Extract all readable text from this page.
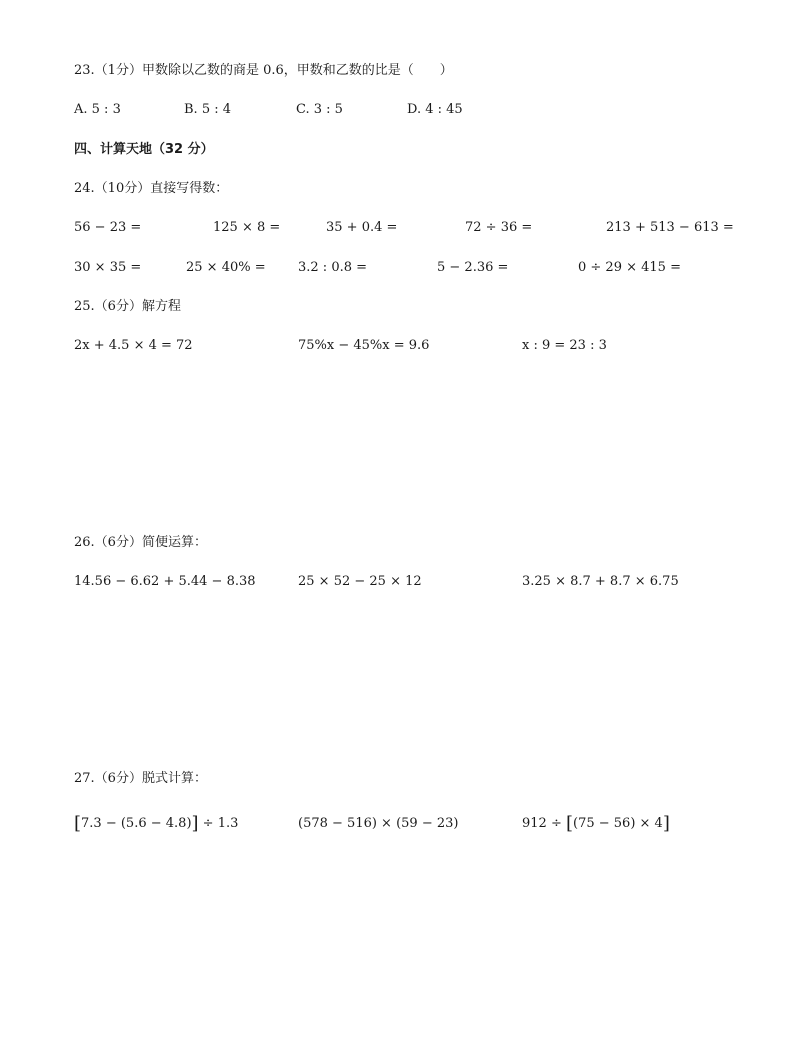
23.（1分）甲数除以乙数的商是 0.6，甲数和乙数的比是（　　）
A. 5 : 3	B. 5 : 4	C. 3 : 5	D. 4 : 45
四、计算天地（32 分）
24.（10分）直接写得数：
56 − 23 =	125 × 8 =	35 + 0.4 =	72 ÷ 36 =	213 + 513 − 613 =
30 × 35 =	25 × 40% = 3.2 : 0.8 =	5 − 2.36 =	0 ÷ 29 × 415 =
25.（6分）解方程
2x + 4.5 × 4 = 72	75%x − 45%x = 9.6	x : 9 = 23 : 3
26.（6分）简便运算：
14.56 − 6.62 + 5.44 − 8.38	25 × 52 − 25 × 12	3.25 × 8.7 + 8.7 × 6.75
27.（6分）脱式计算：
[7.3 − (5.6 − 4.8)] ÷ 1.3	(578 − 516) × (59 − 23)	912 ÷ [(75 − 56) × 4]
